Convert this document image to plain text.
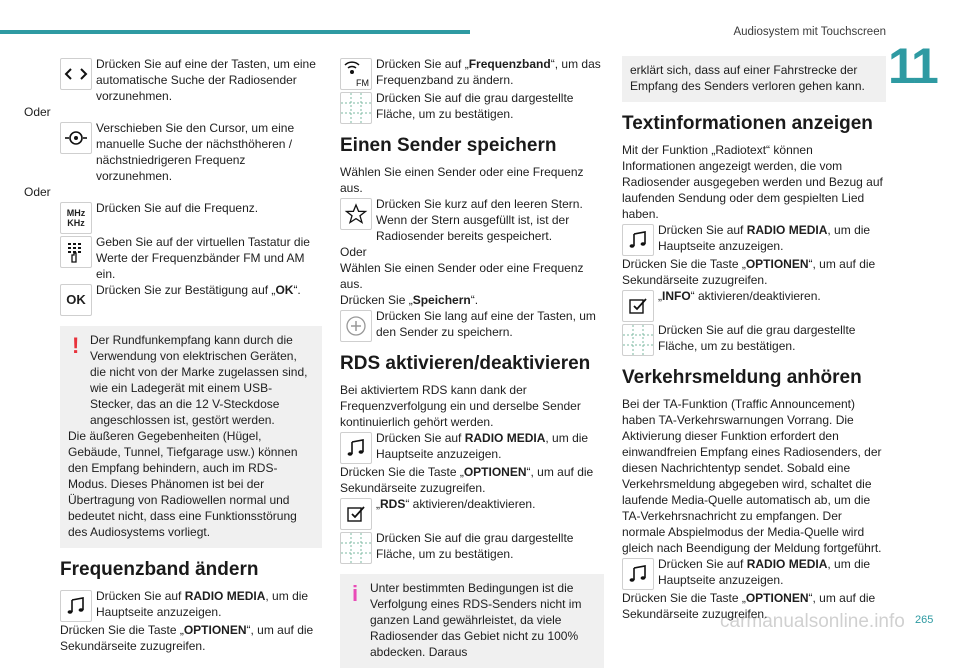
Audiosystem mit Touchscreen
11

Drücken Sie auf eine der Tasten, um eine automatische Suche der Radiosender vorzunehmen.

Oder

Verschieben Sie den Cursor, um eine manuelle Suche der nächsthöheren / nächstniedrigeren Frequenz vorzunehmen.

Oder

MHz
KHz

Drücken Sie auf die Frequenz.

Geben Sie auf der virtuellen Tastatur die Werte der Frequenzbänder FM und AM ein.

OK

Drücken Sie zur Bestätigung auf „OK“.

! Der Rundfunkempfang kann durch die Verwendung von elektrischen Geräten, die nicht von der Marke zugelassen sind, wie ein Ladegerät mit einem USB-Stecker, das an die 12 V-Steckdose angeschlossen ist, gestört werden.

Die äußeren Gegebenheiten (Hügel, Gebäude, Tunnel, Tiefgarage usw.) können den Empfang behindern, auch im RDS-Modus. Dieses Phänomen ist bei der Übertragung von Radiowellen normal und bedeutet nicht, dass eine Funktionsstörung des Audiosystems vorliegt.

Frequenzband ändern

Drücken Sie auf RADIO MEDIA, um die Hauptseite anzuzeigen.

Drücken Sie die Taste „OPTIONEN“, um auf die Sekundärseite zuzugreifen.

FM

Drücken Sie auf „Frequenzband“, um das Frequenzband zu ändern.

Drücken Sie auf die grau dargestellte Fläche, um zu bestätigen.

Einen Sender speichern

Wählen Sie einen Sender oder eine Frequenz aus.

Drücken Sie kurz auf den leeren Stern. Wenn der Stern ausgefüllt ist, ist der Radiosender bereits gespeichert.

Oder

Wählen Sie einen Sender oder eine Frequenz aus.

Drücken Sie „Speichern“.

Drücken Sie lang auf eine der Tasten, um den Sender zu speichern.

RDS aktivieren/deaktivieren

Bei aktiviertem RDS kann dank der Frequenzverfolgung ein und derselbe Sender kontinuierlich gehört werden.

Drücken Sie auf RADIO MEDIA, um die Hauptseite anzuzeigen.

Drücken Sie die Taste „OPTIONEN“, um auf die Sekundärseite zuzugreifen.

„RDS“ aktivieren/deaktivieren.

Drücken Sie auf die grau dargestellte Fläche, um zu bestätigen.

i Unter bestimmten Bedingungen ist die Verfolgung eines RDS-Senders nicht im ganzen Land gewährleistet, da viele Radiosender das Gebiet nicht zu 100% abdecken. Daraus

erklärt sich, dass auf einer Fahrstrecke der Empfang des Senders verloren gehen kann.

Textinformationen anzeigen

Mit der Funktion „Radiotext“ können Informationen angezeigt werden, die vom Radiosender ausgegeben werden und Bezug auf laufenden Sendung oder dem gespielten Lied haben.

Drücken Sie auf RADIO MEDIA, um die Hauptseite anzuzeigen.

Drücken Sie die Taste „OPTIONEN“, um auf die Sekundärseite zuzugreifen.

„INFO“ aktivieren/deaktivieren.

Drücken Sie auf die grau dargestellte Fläche, um zu bestätigen.

Verkehrsmeldung anhören

Bei der TA-Funktion (Traffic Announcement) haben TA-Verkehrswarnungen Vorrang. Die Aktivierung dieser Funktion erfordert den einwandfreien Empfang eines Radiosenders, der diesen Nachrichtentyp sendet. Sobald eine Verkehrsmeldung abgegeben wird, schaltet die laufende Media-Quelle automatisch ab, um die TA-Verkehrsnachricht zu empfangen. Der normale Abspielmodus der Media-Quelle wird gleich nach Beendigung der Meldung fortgeführt.

Drücken Sie auf RADIO MEDIA, um die Hauptseite anzuzeigen.

Drücken Sie die Taste „OPTIONEN“, um auf die Sekundärseite zuzugreifen.

carmanualsonline.info 265
